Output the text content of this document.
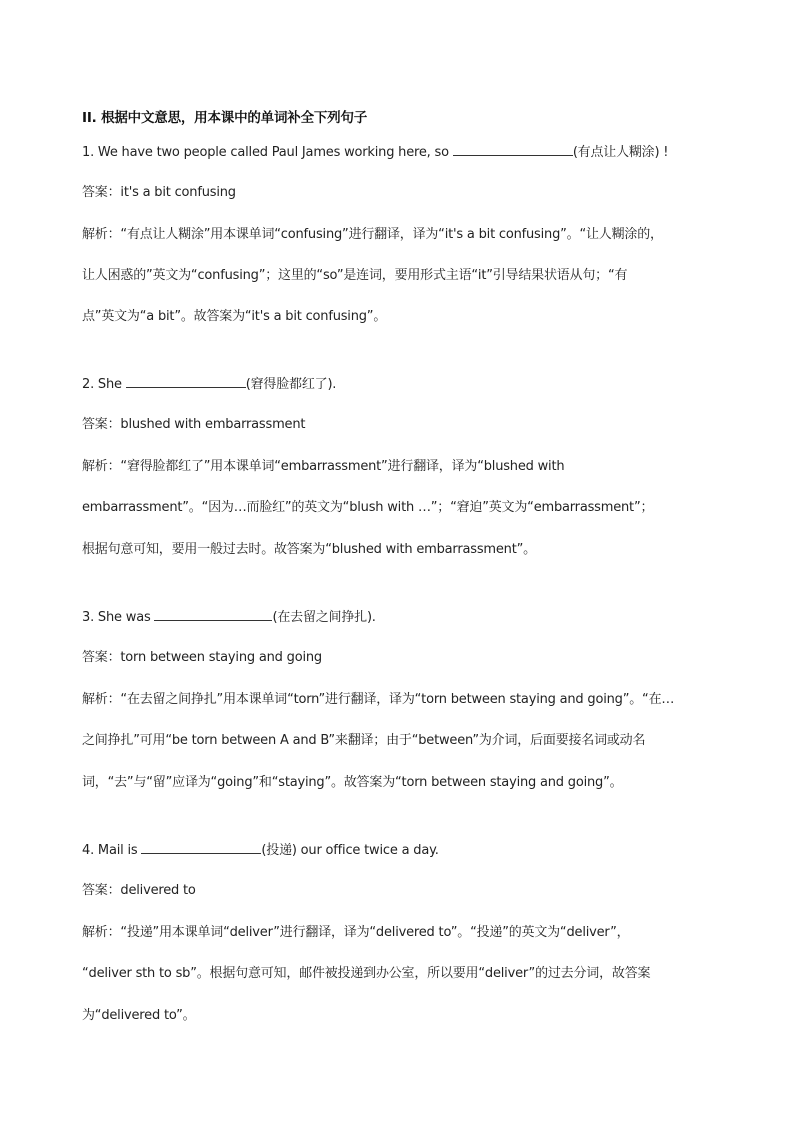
II. 根据中文意思，用本课中的单词补全下列句子
1. We have two people called Paul James working here, so	(有点让人糊涂) !
答案：it's a bit confusing
解析：“有点让人糊涂”用本课单词“confusing”进行翻译，译为“it's a bit confusing”。“让人糊涂的，
让人困惑的”英文为“confusing”；这里的“so”是连词，要用形式主语“it”引导结果状语从句；“有
点”英文为“a bit”。故答案为“it's a bit confusing”。
2. She	(窘得脸都红了).
答案：blushed with embarrassment
解析：“窘得脸都红了”用本课单词“embarrassment”进行翻译，译为“blushed with
embarrassment”。“因为…而脸红”的英文为“blush with …”；“窘迫”英文为“embarrassment”；
根据句意可知，要用一般过去时。故答案为“blushed with embarrassment”。
3. She was	(在去留之间挣扎).
答案：torn between staying and going
解析：“在去留之间挣扎”用本课单词“torn”进行翻译，译为“torn between staying and going”。“在…
之间挣扎”可用“be torn between A and B”来翻译；由于“between”为介词，后面要接名词或动名
词，“去”与“留”应译为“going”和“staying”。故答案为“torn between staying and going”。
4. Mail is	(投递) our office twice a day.
答案：delivered to
解析：“投递”用本课单词“deliver”进行翻译，译为“delivered to”。“投递”的英文为“deliver”，
“deliver sth to sb”。根据句意可知，邮件被投递到办公室，所以要用“deliver”的过去分词，故答案
为“delivered to”。
